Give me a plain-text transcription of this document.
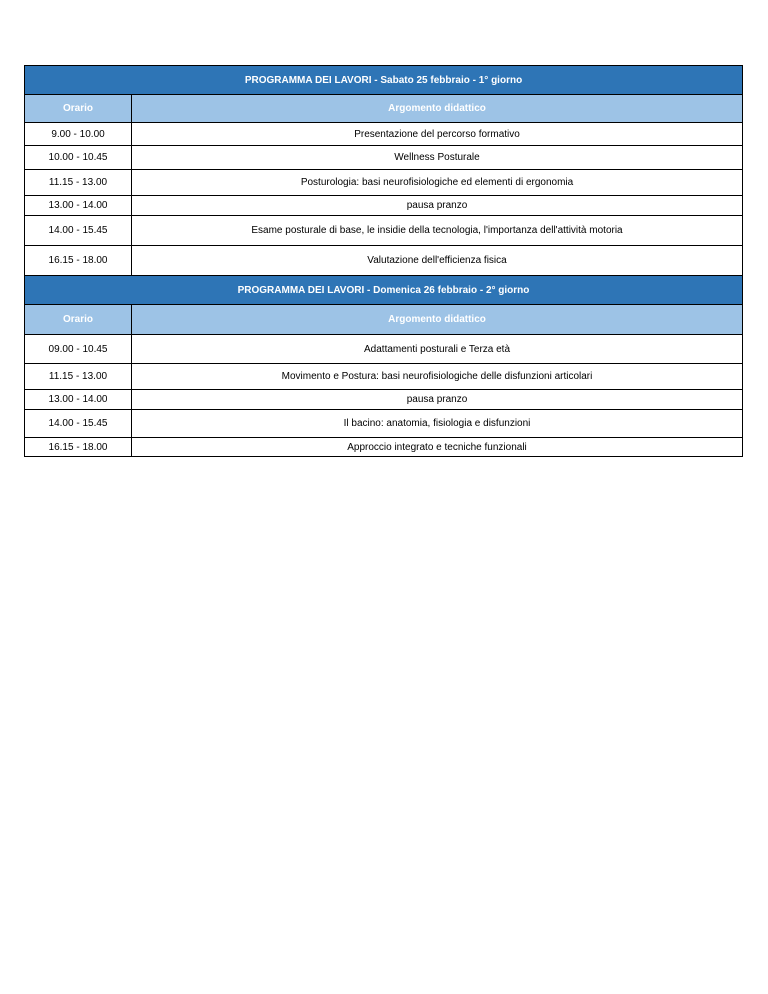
PROGRAMMA DEI LAVORI - Sabato 25 febbraio - 1° giorno	
Orario	Argomento didattico
9.00 - 10.00	Presentazione del percorso formativo
10.00 - 10.45	Wellness Posturale
11.15 - 13.00	Posturologia: basi neurofisiologiche ed elementi di ergonomia
13.00 - 14.00	pausa pranzo
14.00 - 15.45	Esame posturale di base, le insidie della tecnologia, l'importanza dell'attività motoria
16.15 - 18.00	Valutazione dell'efficienza fisica
PROGRAMMA DEI LAVORI - Domenica 26 febbraio - 2° giorno	
Orario	Argomento didattico
09.00 - 10.45	Adattamenti posturali e Terza età
11.15 - 13.00	Movimento e Postura: basi neurofisiologiche delle disfunzioni articolari
13.00 - 14.00	pausa pranzo
14.00 - 15.45	Il bacino: anatomia, fisiologia e disfunzioni
16.15 - 18.00	Approccio integrato e tecniche funzionali
